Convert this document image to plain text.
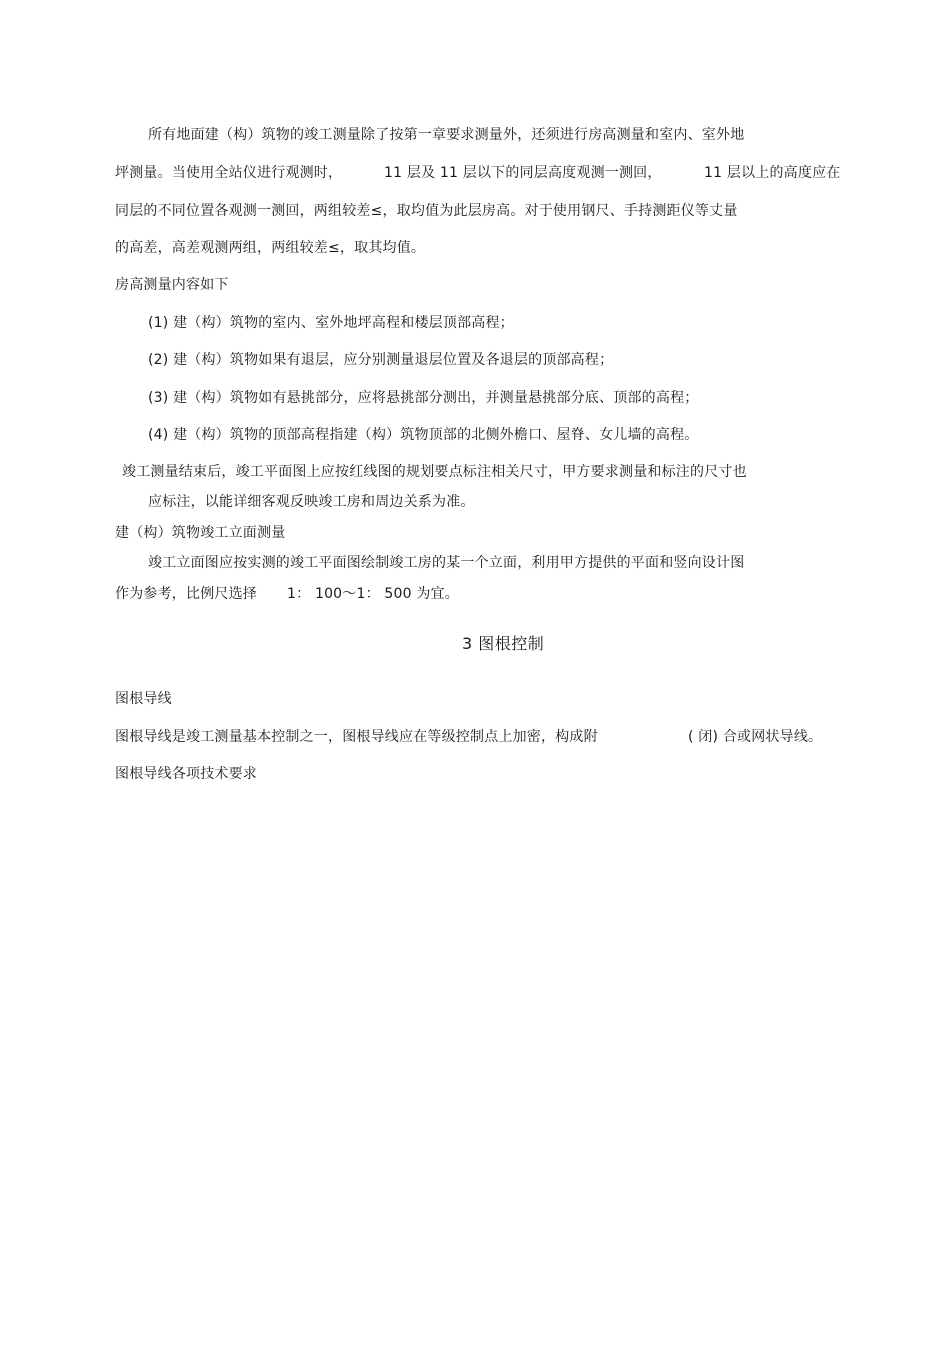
所有地面建（构）筑物的竣工测量除了按第一章要求测量外，还须进行房高测量和室内、室外地
坪测量。当使用全站仪进行观测时，	11 层及 11 层以下的同层高度观测一测回，	11 层以上的高度应在
同层的不同位置各观测一测回，两组较差≤，取均值为此层房高。对于使用钢尺、手持测距仪等丈量
的高差，高差观测两组，两组较差≤，取其均值。
房高测量内容如下
(1) 建（构）筑物的室内、室外地坪高程和楼层顶部高程；
(2) 建（构）筑物如果有退层，应分别测量退层位置及各退层的顶部高程；
(3) 建（构）筑物如有悬挑部分，应将悬挑部分测出，并测量悬挑部分底、顶部的高程；
(4) 建（构）筑物的顶部高程指建（构）筑物顶部的北侧外檐口、屋脊、女儿墙的高程。
竣工测量结束后，竣工平面图上应按红线图的规划要点标注相关尺寸，甲方要求测量和标注的尺寸也
应标注，以能详细客观反映竣工房和周边关系为准。
建（构）筑物竣工立面测量
竣工立面图应按实测的竣工平面图绘制竣工房的某一个立面，利用甲方提供的平面和竖向设计图
作为参考，比例尺选择 1： 100～1： 500 为宜。
3 图根控制
图根导线
图根导线是竣工测量基本控制之一，图根导线应在等级控制点上加密，构成附	( 闭) 合或网状导线。
图根导线各项技术要求
